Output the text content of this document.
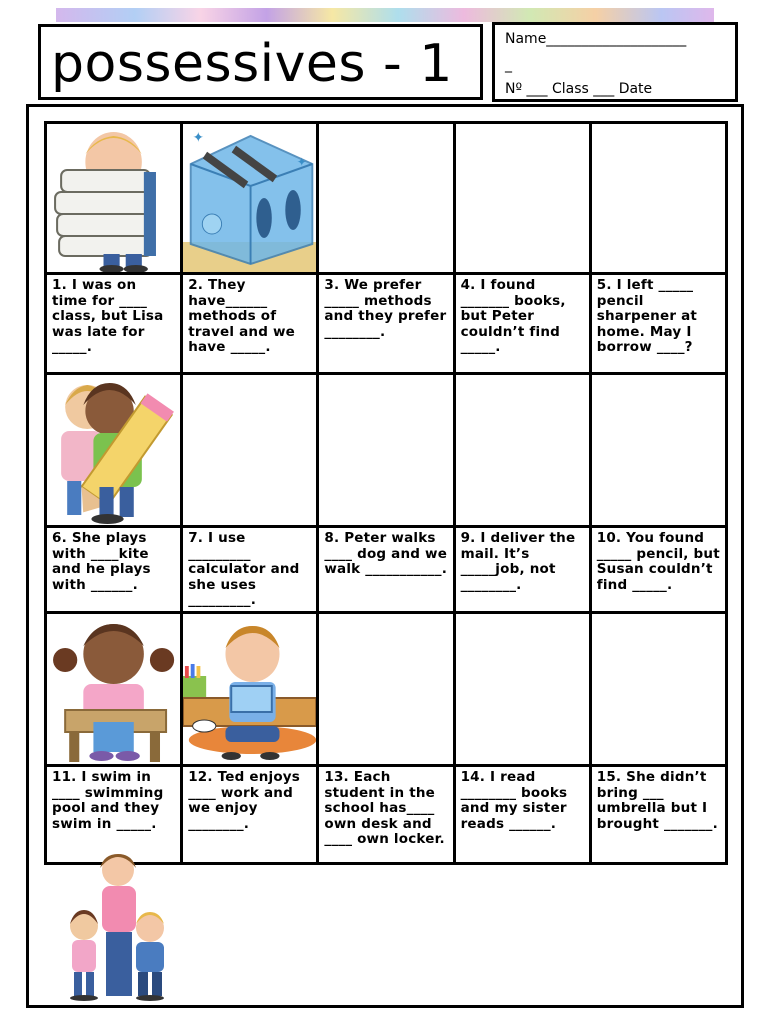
possessives - 1	Name____________________
_
Nº ___ Class ___ Date

✦
✦			

1. I was on time for ____ class, but Lisa was late for _____.	2. They have______ methods of travel and we have _____.	3. We prefer _____ methods and they prefer ________.	4. I found _______ books, but Peter couldn’t find _____.	5. I left _____ pencil sharpener at home. May I borrow ____?

6. She plays with ____kite and he plays with ______.	7. I use _________ calculator and she uses _________.	8. Peter walks ____ dog and we walk ___________.	9. I deliver the mail. It’s _____job, not ________.	10. You found _____ pencil, but Susan couldn’t find _____.

11. I swim in ____ swimming pool and they swim in _____.	12. Ted enjoys ____ work and we enjoy ________.	13. Each student in the school has____ own desk and ____ own locker.	14. I read ________ books and my sister reads ______.	15. She didn’t bring ___ umbrella but I brought _______.
